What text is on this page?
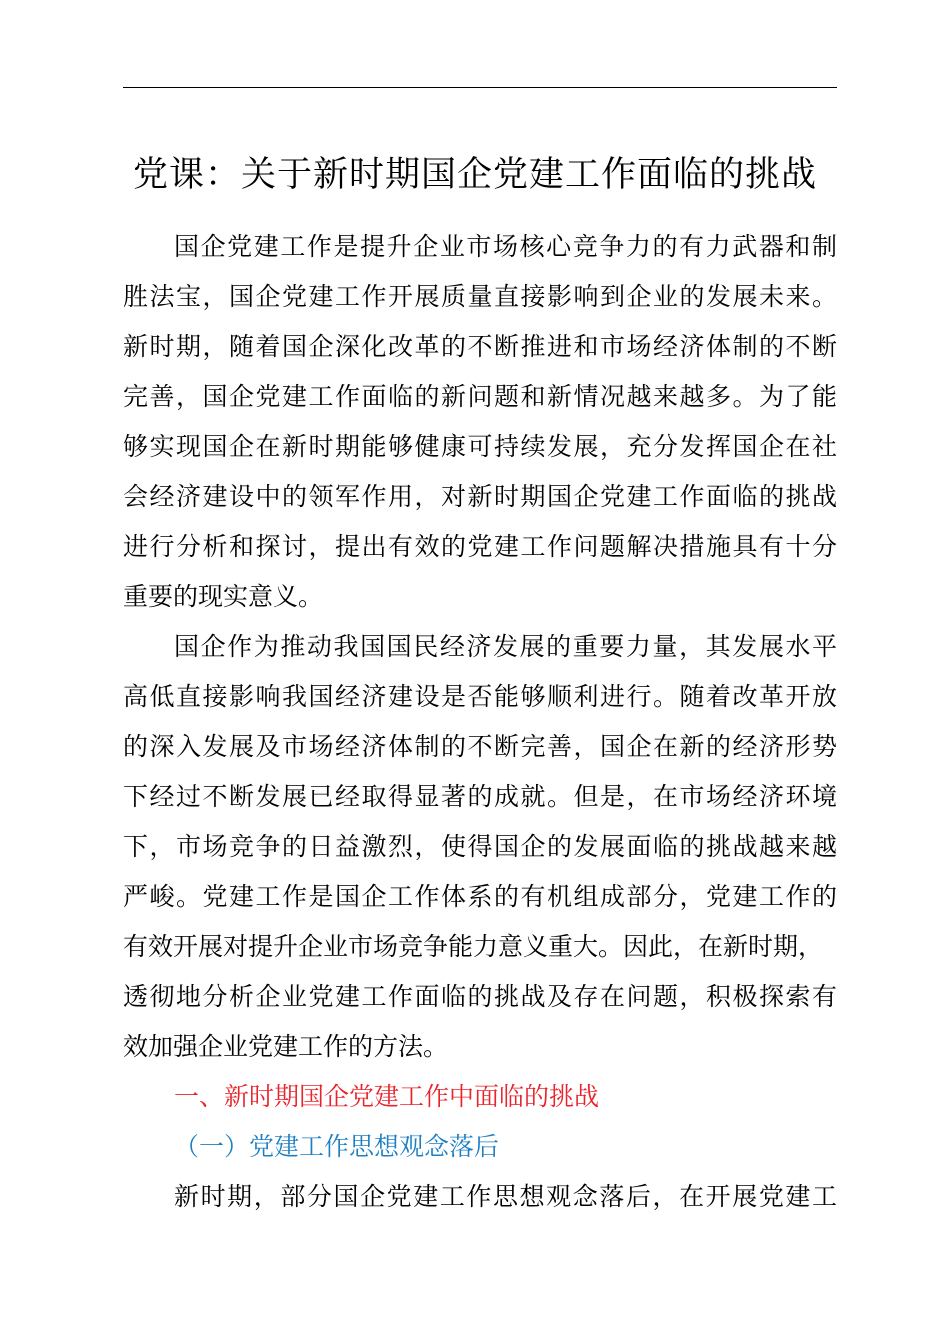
党课：关于新时期国企党建工作面临的挑战
国企党建工作是提升企业市场核心竞争力的有力武器和制
胜法宝，国企党建工作开展质量直接影响到企业的发展未来。
新时期，随着国企深化改革的不断推进和市场经济体制的不断
完善，国企党建工作面临的新问题和新情况越来越多。为了能
够实现国企在新时期能够健康可持续发展，充分发挥国企在社
会经济建设中的领军作用，对新时期国企党建工作面临的挑战
进行分析和探讨，提出有效的党建工作问题解决措施具有十分
重要的现实意义。
国企作为推动我国国民经济发展的重要力量，其发展水平
高低直接影响我国经济建设是否能够顺利进行。随着改革开放
的深入发展及市场经济体制的不断完善，国企在新的经济形势
下经过不断发展已经取得显著的成就。但是，在市场经济环境
下，市场竞争的日益激烈，使得国企的发展面临的挑战越来越
严峻。党建工作是国企工作体系的有机组成部分，党建工作的
有效开展对提升企业市场竞争能力意义重大。因此，在新时期，
透彻地分析企业党建工作面临的挑战及存在问题，积极探索有
效加强企业党建工作的方法。
一、新时期国企党建工作中面临的挑战
（一）党建工作思想观念落后
新时期，部分国企党建工作思想观念落后，在开展党建工
